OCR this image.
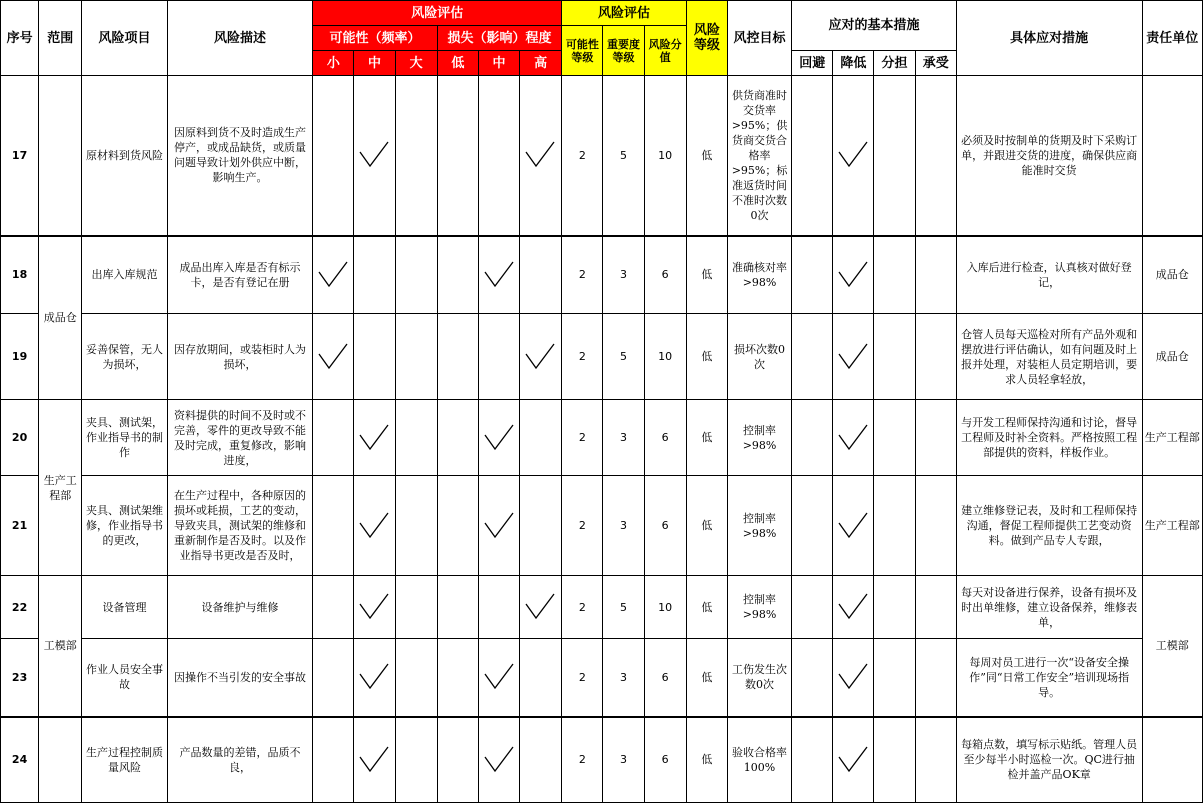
序号	范围	风险项目	风险描述	风险评估						风险评估			风险等级	风控目标	应对的基本措施				具体应对措施	责任单位
				可能性（频率）			损失（影响）程度			可能性等级	重要度等级	风险分值								
				小	中	大	低	中	高						回避	降低	分担	承受		
17		原材料到货风险	因原料到货不及时造成生产停产，或成品缺货，或质量问题导致计划外供应中断，影响生产。							2	5	10	低	供货商准时交货率>95%；供货商交货合格率>95%；标准返货时间不准时次数0次					必须及时按制单的货期及时下采购订单，并跟进交货的进度，确保供应商能准时交货	
18	成品仓	出库入库规范	成品出库入库是否有标示卡，是否有登记在册							2	3	6	低	准确核对率>98%					入库后进行检查，认真核对做好登记，	成品仓
19		妥善保管，无人为损坏，	因存放期间，或装柜时人为损坏，							2	5	10	低	损坏次数0次					仓管人员每天巡检对所有产品外观和摆放进行评估确认，如有问题及时上报并处理，对装柜人员定期培训，要求人员轻拿轻放，	成品仓
20	生产工程部	夹具、测试架，作业指导书的制作	资料提供的时间不及时或不完善，零件的更改导致不能及时完成，重复修改，影响进度，							2	3	6	低	控制率>98%					与开发工程师保持沟通和讨论，督导工程师及时补全资料。严格按照工程部提供的资料，样板作业。	生产工程部
21		夹具、测试架维修，作业指导书的更改，	在生产过程中，各种原因的损坏或耗损，工艺的变动，导致夹具，测试架的维修和重新制作是否及时。以及作业指导书更改是否及时，							2	3	6	低	控制率>98%					建立维修登记表，及时和工程师保持沟通，督促工程师提供工艺变动资料。做到产品专人专跟，	生产工程部
22	工模部	设备管理	设备维护与维修							2	5	10	低	控制率>98%					每天对设备进行保养，设备有损坏及时出单维修，建立设备保养，维修表单，	工模部
23		作业人员安全事故	因操作不当引发的安全事故							2	3	6	低	工伤发生次数0次					每周对员工进行一次“设备安全操作”同“日常工作安全”培训现场指导。	
24		生产过程控制质量风险	产品数量的差错，品质不良，							2	3	6	低	验收合格率100%					每箱点数，填写标示贴纸。管理人员至少每半小时巡检一次。QC进行抽检并盖产品OK章	
